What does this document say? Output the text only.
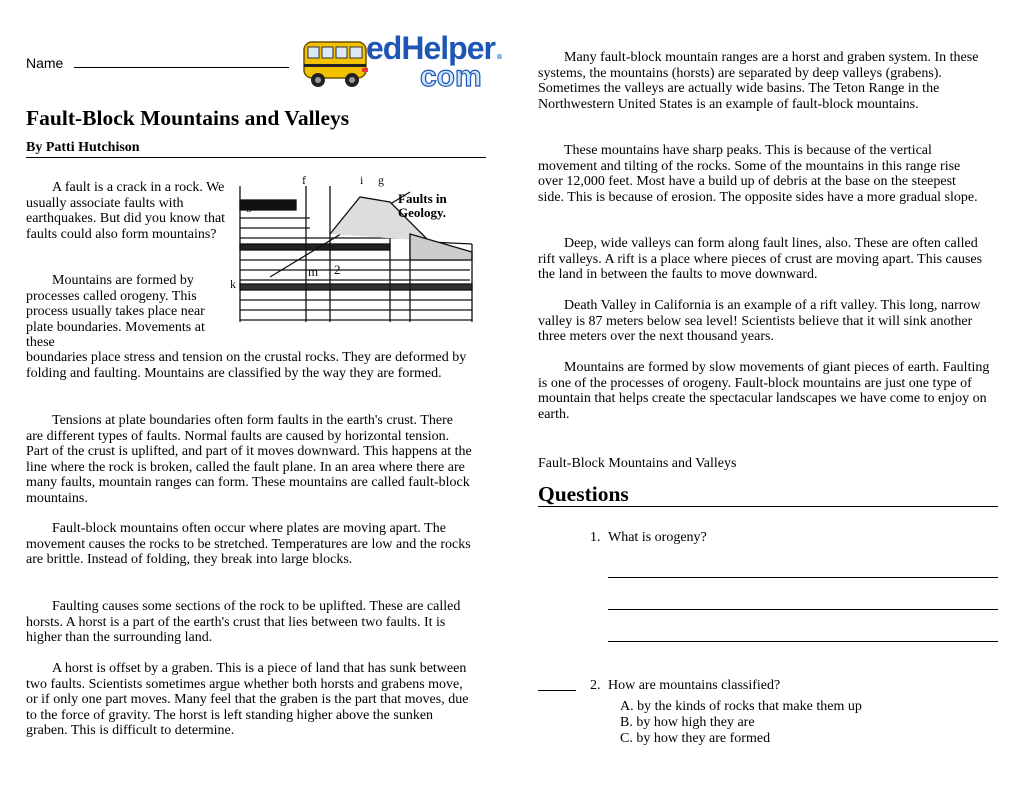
Name	edHelper.
com
Fault-Block Mountains and Valleys
By Patti Hutchison

A fault is a crack in a rock. We usually associate faults with earthquakes. But did you know that faults could also form mountains?

b
f	i g
m 2
k
Faults in Geology.

Mountains are formed by processes called orogeny. This process usually takes place near plate boundaries. Movements at these

boundaries place stress and tension on the crustal rocks. They are deformed by folding and faulting. Mountains are classified by the way they are formed.

Tensions at plate boundaries often form faults in the earth's crust. There are different types of faults. Normal faults are caused by horizontal tension. Part of the crust is uplifted, and part of it moves downward. This happens at the line where the rock is broken, called the fault plane. In an area where there are many faults, mountain ranges can form. These mountains are called fault-block mountains.

Fault-block mountains often occur where plates are moving apart. The movement causes the rocks to be stretched. Temperatures are low and the rocks are brittle. Instead of folding, they break into large blocks.

Faulting causes some sections of the rock to be uplifted. These are called horsts. A horst is a part of the earth's crust that lies between two faults. It is higher than the surrounding land.

A horst is offset by a graben. This is a piece of land that has sunk between two faults. Scientists sometimes argue whether both horsts and grabens move, or if only one part moves. Many feel that the graben is the part that moves, due to the force of gravity. The horst is left standing higher above the sunken graben. This is difficult to determine.

Many fault-block mountain ranges are a horst and graben system. In these systems, the mountains (horsts) are separated by deep valleys (grabens). Sometimes the valleys are actually wide basins. The Teton Range in the Northwestern United States is an example of fault-block mountains.

These mountains have sharp peaks. This is because of the vertical movement and tilting of the rocks. Some of the mountains in this range rise over 12,000 feet. Most have a build up of debris at the base on the steepest side. This is because of erosion. The opposite sides have a more gradual slope.

Deep, wide valleys can form along fault lines, also. These are often called rift valleys. A rift is a place where pieces of crust are moving apart. This causes the land in between the faults to move downward.

Death Valley in California is an example of a rift valley. This long, narrow valley is 87 meters below sea level! Scientists believe that it will sink another three meters over the next thousand years.

Mountains are formed by slow movements of giant pieces of earth. Faulting is one of the processes of orogeny. Fault-block mountains are just one type of mountain that helps create the spectacular landscapes we have come to enjoy on earth.

Fault-Block Mountains and Valleys
Questions
1. What is orogeny?
2. How are mountains classified?
A. by the kinds of rocks that make them up
B. by how high they are
C. by how they are formed
